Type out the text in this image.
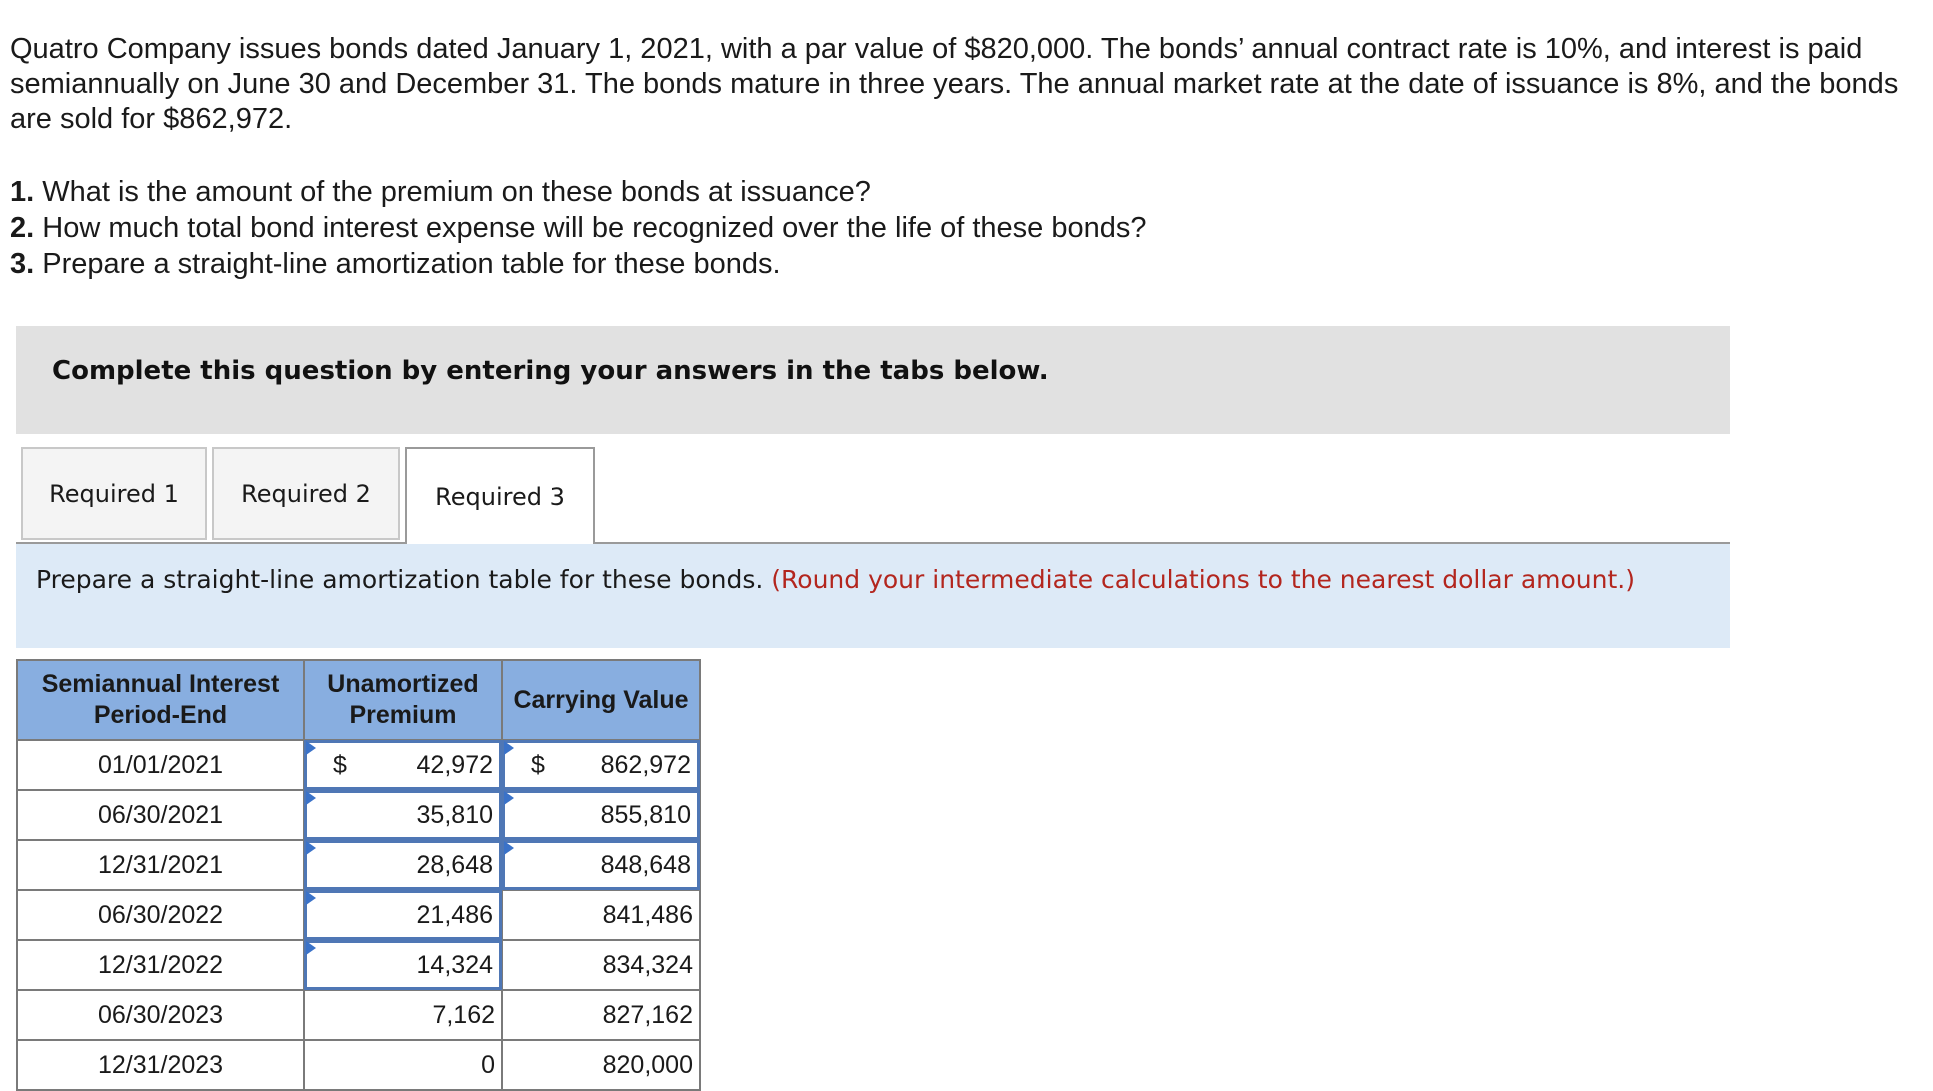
Quatro Company issues bonds dated January 1, 2021, with a par value of $820,000. The bonds’ annual contract rate is 10%, and interest is paid semiannually on June 30 and December 31. The bonds mature in three years. The annual market rate at the date of issuance is 8%, and the bonds are sold for $862,972.

1. What is the amount of the premium on these bonds at issuance?

2. How much total bond interest expense will be recognized over the life of these bonds?

3. Prepare a straight-line amortization table for these bonds.

Complete this question by entering your answers in the tabs below.
Required 1	Required 2	Required 3
Prepare a straight-line amortization table for these bonds. (Round your intermediate calculations to the nearest dollar amount.)
Semiannual Interest Period-End	Unamortized Premium	Carrying Value
01/01/2021	$ 42,972	$ 862,972

06/30/2021	35,810	855,810

12/31/2021	28,648	848,648

06/30/2022	21,486	841,486

12/31/2022	14,324	834,324

06/30/2023	7,162	827,162

12/31/2023	0	820,000
